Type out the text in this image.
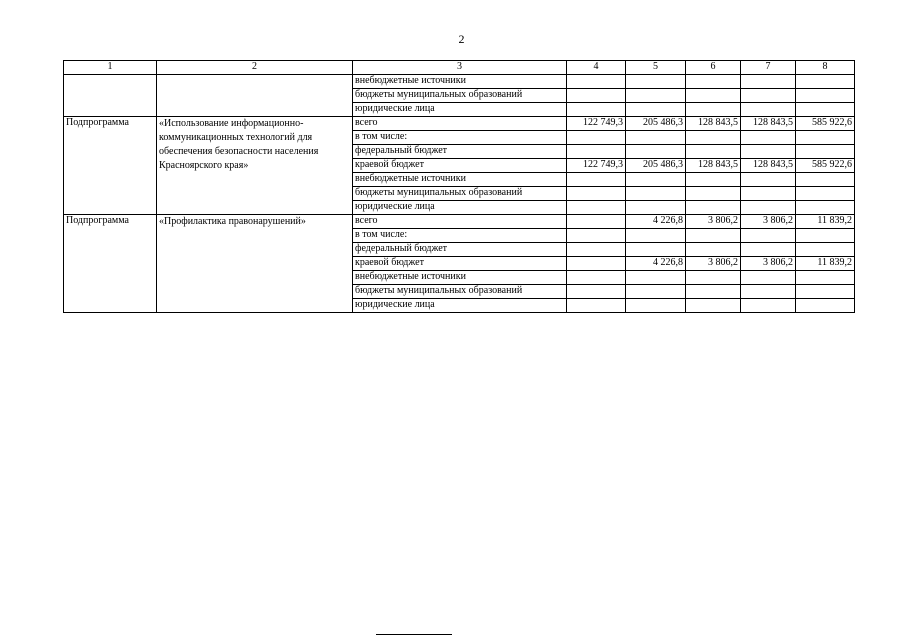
2
1	2	3	4	5	6	7	8
		внебюджетные источники					
		бюджеты муниципальных образований					
		юридические лица					
Подпрограмма	«Использование информационно-коммуникационных технологий для обеспечения безопасности населения Красноярского края»	всего	122 749,3	205 486,3	128 843,5	128 843,5	585 922,6
		в том числе:					
		федеральный бюджет					
		краевой бюджет	122 749,3	205 486,3	128 843,5	128 843,5	585 922,6
		внебюджетные источники					
		бюджеты муниципальных образований					
		юридические лица					
Подпрограмма	«Профилактика правонарушений»	всего		4 226,8	3 806,2	3 806,2	11 839,2
		в том числе:					
		федеральный бюджет					
		краевой бюджет		4 226,8	3 806,2	3 806,2	11 839,2
		внебюджетные источники					
		бюджеты муниципальных образований					
		юридические лица					
